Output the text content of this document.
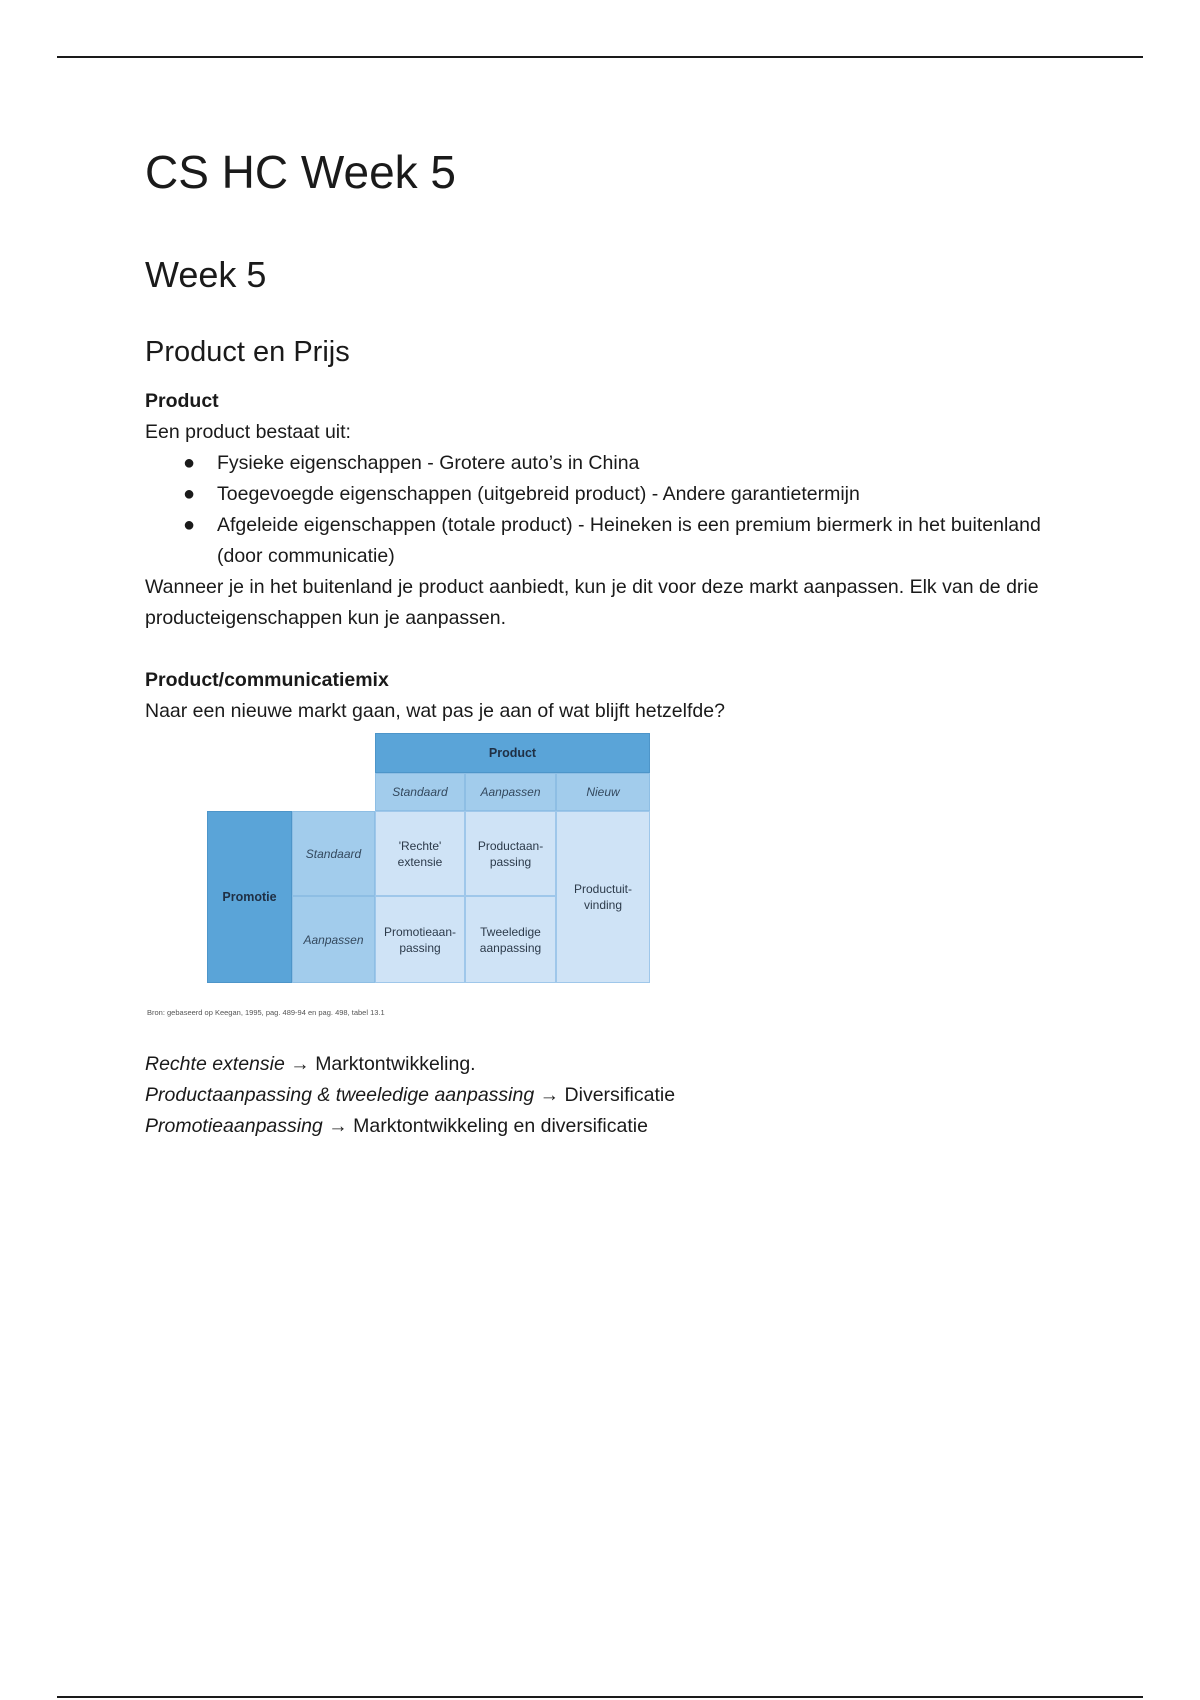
CS HC Week 5
Week 5
Product en Prijs
Product
Een product bestaat uit:
● Fysieke eigenschappen - Grotere auto’s in China
● Toegevoegde eigenschappen (uitgebreid product) - Andere garantietermijn
● Afgeleide eigenschappen (totale product) - Heineken is een premium biermerk in het buitenland
(door communicatie)
Wanneer je in het buitenland je product aanbiedt, kun je dit voor deze markt aanpassen. Elk van de drie
producteigenschappen kun je aanpassen.
Product/communicatiemix
Naar een nieuwe markt gaan, wat pas je aan of wat blijft hetzelfde?
Rechte extensie → Marktontwikkeling.
Productaanpassing & tweeledige aanpassing → Diversificatie
Promotieaanpassing → Marktontwikkeling en diversificatie
Product
Standaard	Aanpassen	Nieuw
Promotie
Standaard
Aanpassen
'Rechte'
extensie
Productaan-
passing
Promotieaan-
passing
Tweeledige
aanpassing
Productuit-
vinding
Bron: gebaseerd op Keegan, 1995, pag. 489-94 en pag. 498, tabel 13.1
